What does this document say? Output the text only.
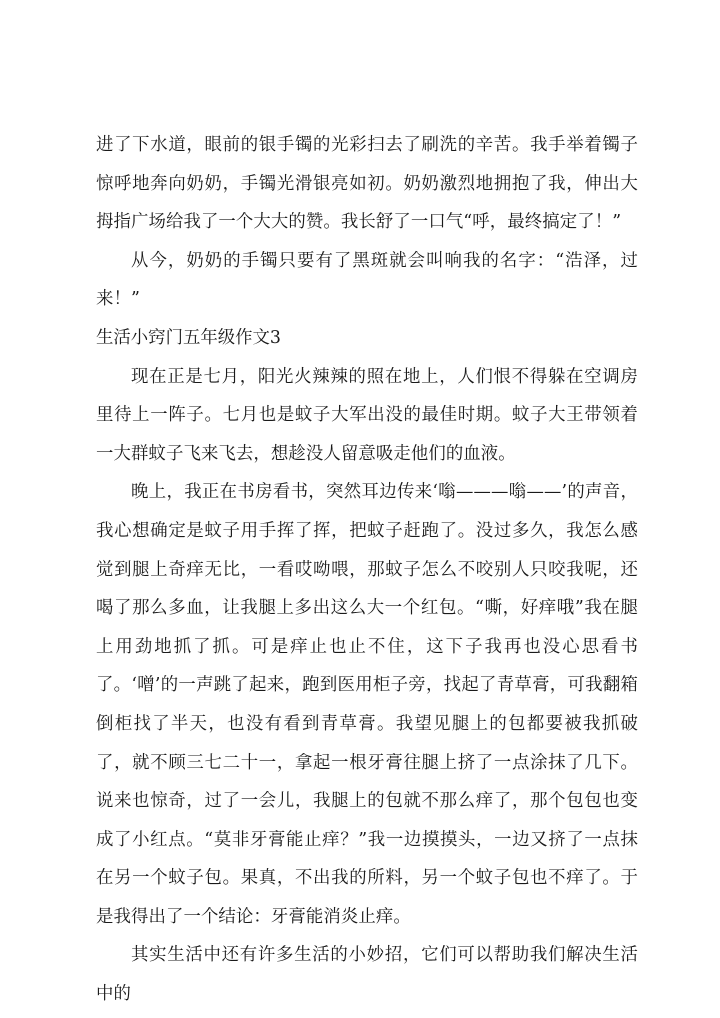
进了下水道，眼前的银手镯的光彩扫去了刷洗的辛苦。我手举着镯子惊呼地奔向奶奶，手镯光滑银亮如初。奶奶激烈地拥抱了我，伸出大拇指广场给我了一个大大的赞。我长舒了一口气“呼，最终搞定了！”

从今，奶奶的手镯只要有了黑斑就会叫响我的名字：“浩泽，过来！”

生活小窍门五年级作文3

现在正是七月，阳光火辣辣的照在地上，人们恨不得躲在空调房里待上一阵子。七月也是蚊子大军出没的最佳时期。蚊子大王带领着一大群蚊子飞来飞去，想趁没人留意吸走他们的血液。

晚上，我正在书房看书，突然耳边传来‘嗡———嗡——’的声音，我心想确定是蚊子用手挥了挥，把蚊子赶跑了。没过多久，我怎么感觉到腿上奇痒无比，一看哎呦喂，那蚊子怎么不咬别人只咬我呢，还喝了那么多血，让我腿上多出这么大一个红包。“嘶，好痒哦”我在腿上用劲地抓了抓。可是痒止也止不住，这下子我再也没心思看书了。‘噌’的一声跳了起来，跑到医用柜子旁，找起了青草膏，可我翻箱倒柜找了半天，也没有看到青草膏。我望见腿上的包都要被我抓破了，就不顾三七二十一，拿起一根牙膏往腿上挤了一点涂抹了几下。说来也惊奇，过了一会儿，我腿上的包就不那么痒了，那个包包也变成了小红点。“莫非牙膏能止痒？”我一边摸摸头，一边又挤了一点抹在另一个蚊子包。果真，不出我的所料，另一个蚊子包也不痒了。于是我得出了一个结论：牙膏能消炎止痒。

其实生活中还有许多生活的小妙招，它们可以帮助我们解决生活中的
